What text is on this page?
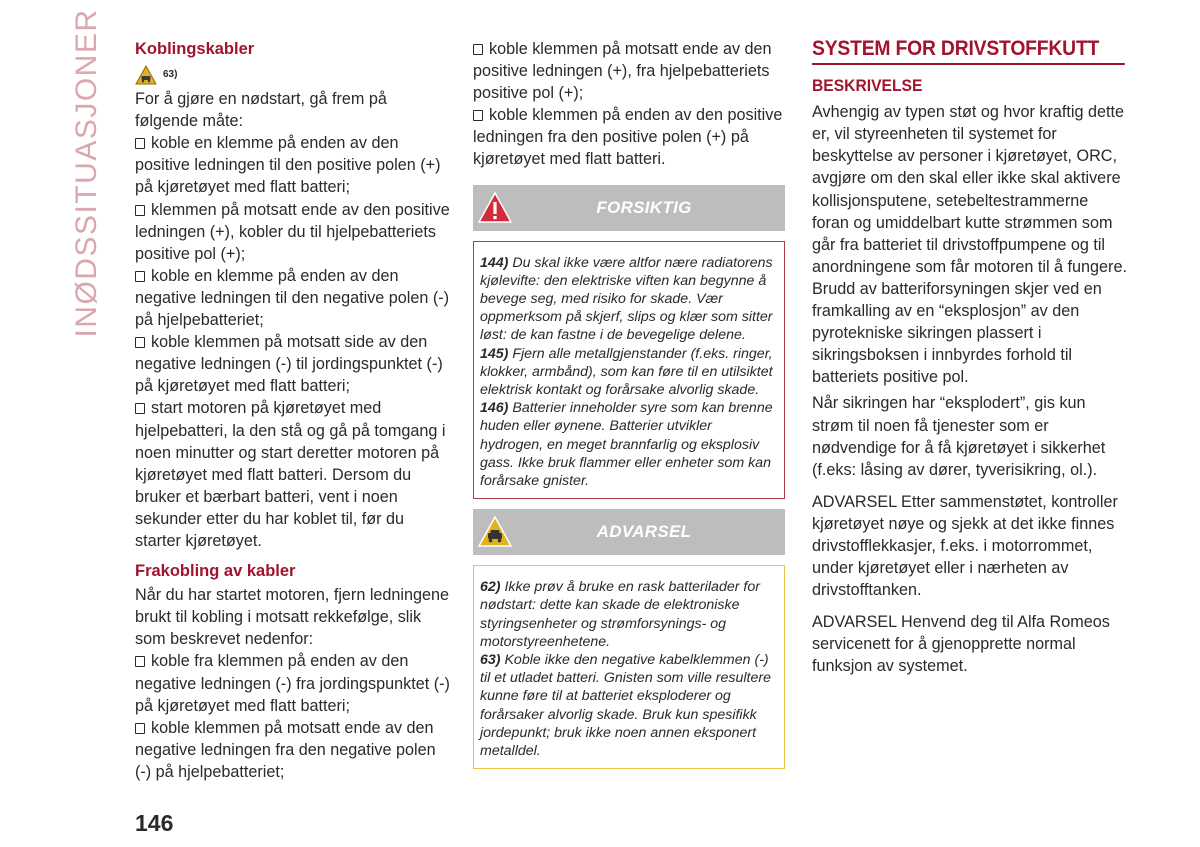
INØDSSITUASJONER Koblingskabler
63)

For å gjøre en nødstart, gå frem på følgende måte:

koble en klemme på enden av den positive ledningen til den positive polen (+) på kjøretøyet med flatt batteri;

klemmen på motsatt ende av den positive ledningen (+), kobler du til hjelpebatteriets positive pol (+);

koble en klemme på enden av den negative ledningen til den negative polen (-) på hjelpebatteriet;

koble klemmen på motsatt side av den negative ledningen (-) til jordingspunktet (-) på kjøretøyet med flatt batteri;

start motoren på kjøretøyet med hjelpebatteri, la den stå og gå på tomgang i noen minutter og start deretter motoren på kjøretøyet med flatt batteri. Dersom du bruker et bærbart batteri, vent i noen sekunder etter du har koblet til, før du starter kjøretøyet.

Frakobling av kabler

Når du har startet motoren, fjern ledningene brukt til kobling i motsatt rekkefølge, slik som beskrevet nedenfor:

koble fra klemmen på enden av den negative ledningen (-) fra jordingspunktet (-) på kjøretøyet med flatt batteri;

koble klemmen på motsatt ende av den negative ledningen fra den negative polen (-) på hjelpebatteriet;

koble klemmen på motsatt ende av den positive ledningen (+), fra hjelpebatteriets positive pol (+);

koble klemmen på enden av den positive ledningen fra den positive polen (+) på kjøretøyet med flatt batteri.

FORSIKTIG

144) Du skal ikke være altfor nære radiatorens kjølevifte: den elektriske viften kan begynne å bevege seg, med risiko for skade. Vær oppmerksom på skjerf, slips og klær som sitter løst: de kan fastne i de bevegelige delene.

145) Fjern alle metallgjenstander (f.eks. ringer, klokker, armbånd), som kan føre til en utilsiktet elektrisk kontakt og forårsake alvorlig skade.

146) Batterier inneholder syre som kan brenne huden eller øynene. Batterier utvikler hydrogen, en meget brannfarlig og eksplosiv gass. Ikke bruk flammer eller enheter som kan forårsake gnister.

ADVARSEL

62) Ikke prøv å bruke en rask batterilader for nødstart: dette kan skade de elektroniske styringsenheter og strømforsynings- og motorstyreenhetene.

63) Koble ikke den negative kabelklemmen (-) til et utladet batteri. Gnisten som ville resultere kunne føre til at batteriet eksploderer og forårsaker alvorlig skade. Bruk kun spesifikk jordepunkt; bruk ikke noen annen eksponert metalldel.

SYSTEM FOR DRIVSTOFFKUTT
BESKRIVELSE

Avhengig av typen støt og hvor kraftig dette er, vil styreenheten til systemet for beskyttelse av personer i kjøretøyet, ORC, avgjøre om den skal eller ikke skal aktivere kollisjonsputene, setebeltestrammerne foran og umiddelbart kutte strømmen som går fra batteriet til drivstoffpumpene og til anordningene som får motoren til å fungere. Brudd av batteriforsyningen skjer ved en framkalling av en “eksplosjon” av den pyrotekniske sikringen plassert i sikringsboksen i innbyrdes forhold til batteriets positive pol.

Når sikringen har “eksplodert”, gis kun strøm til noen få tjenester som er nødvendige for å få kjøretøyet i sikkerhet (f.eks: låsing av dører, tyverisikring, ol.).

ADVARSEL Etter sammenstøtet, kontroller kjøretøyet nøye og sjekk at det ikke finnes drivstofflekkasjer, f.eks. i motorrommet, under kjøretøyet eller i nærheten av drivstofftanken.

ADVARSEL Henvend deg til Alfa Romeos servicenett for å gjenopprette normal funksjon av systemet.

146
